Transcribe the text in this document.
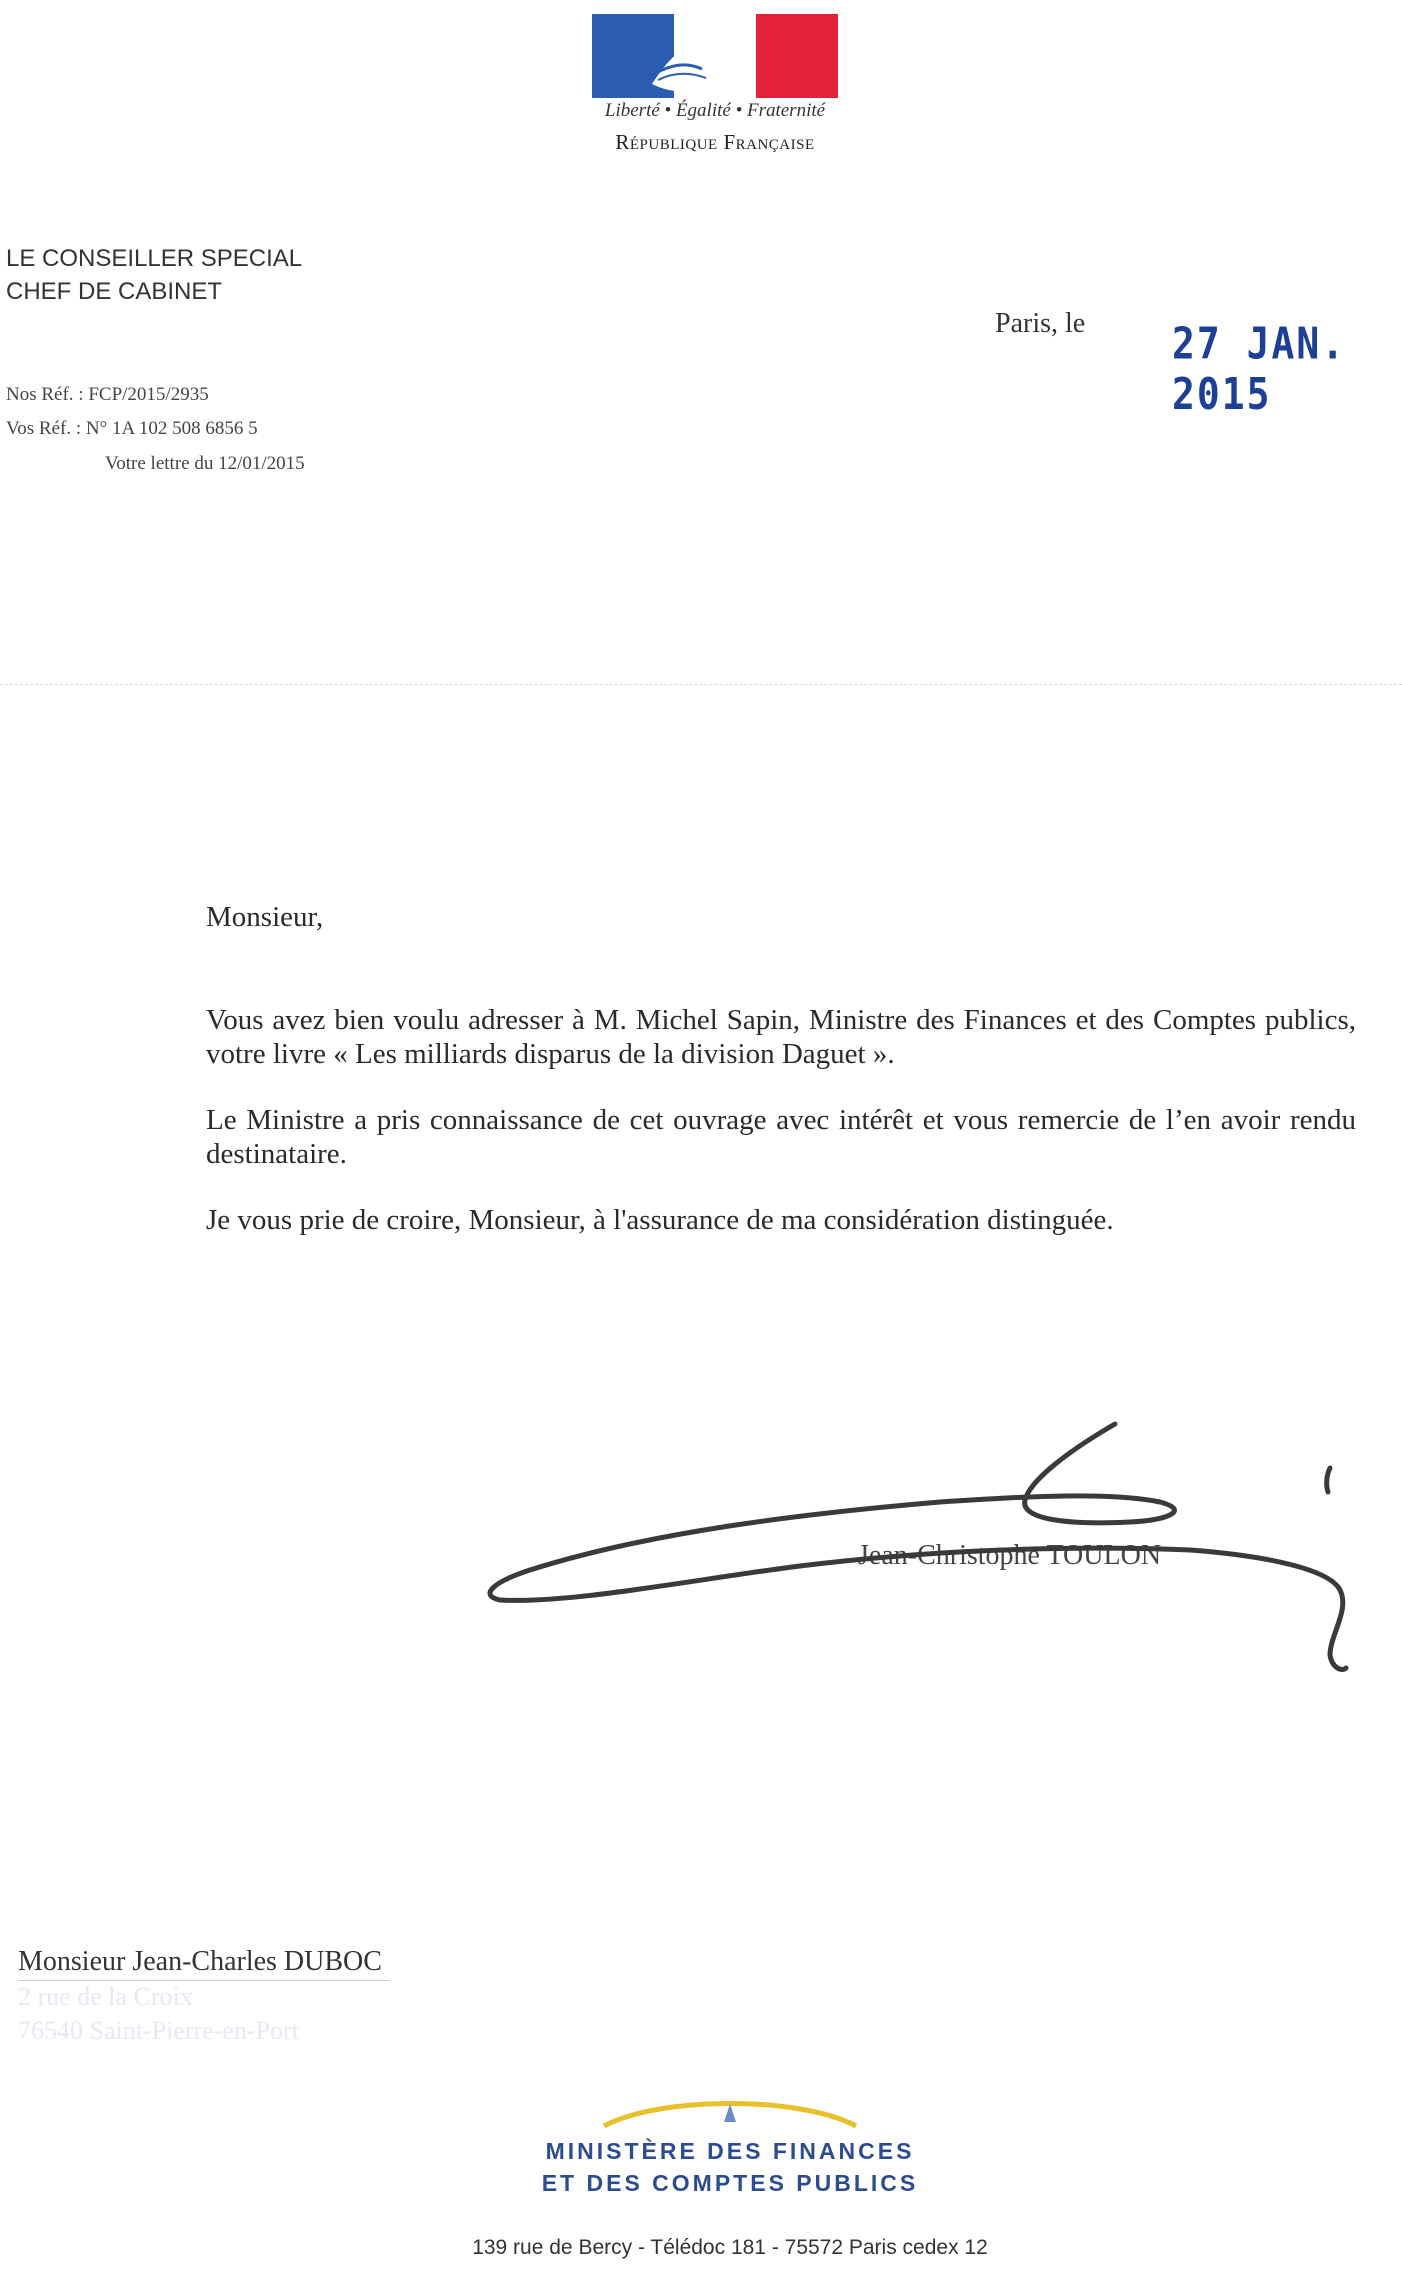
Liberté • Égalité • Fraternité
République Française
LE CONSEILLER SPECIAL
CHEF DE CABINET
Nos Réf. : FCP/2015/2935
Vos Réf. : N° 1A 102 508 6856 5
Votre lettre du 12/01/2015
Paris, le 27 JAN. 2015
Monsieur,
Vous avez bien voulu adresser à M. Michel Sapin, Ministre des Finances et des Comptes publics, votre livre « Les milliards disparus de la division Daguet ».
Le Ministre a pris connaissance de cet ouvrage avec intérêt et vous remercie de l’en avoir rendu destinataire.
Je vous prie de croire, Monsieur, à l'assurance de ma considération distinguée.
Jean-Christophe TOULON
Monsieur Jean-Charles DUBOC
2 rue de la Croix
76540 Saint-Pierre-en-Port
MINISTÈRE DES FINANCES
ET DES COMPTES PUBLICS
139 rue de Bercy - Télédoc 181 - 75572 Paris cedex 12
